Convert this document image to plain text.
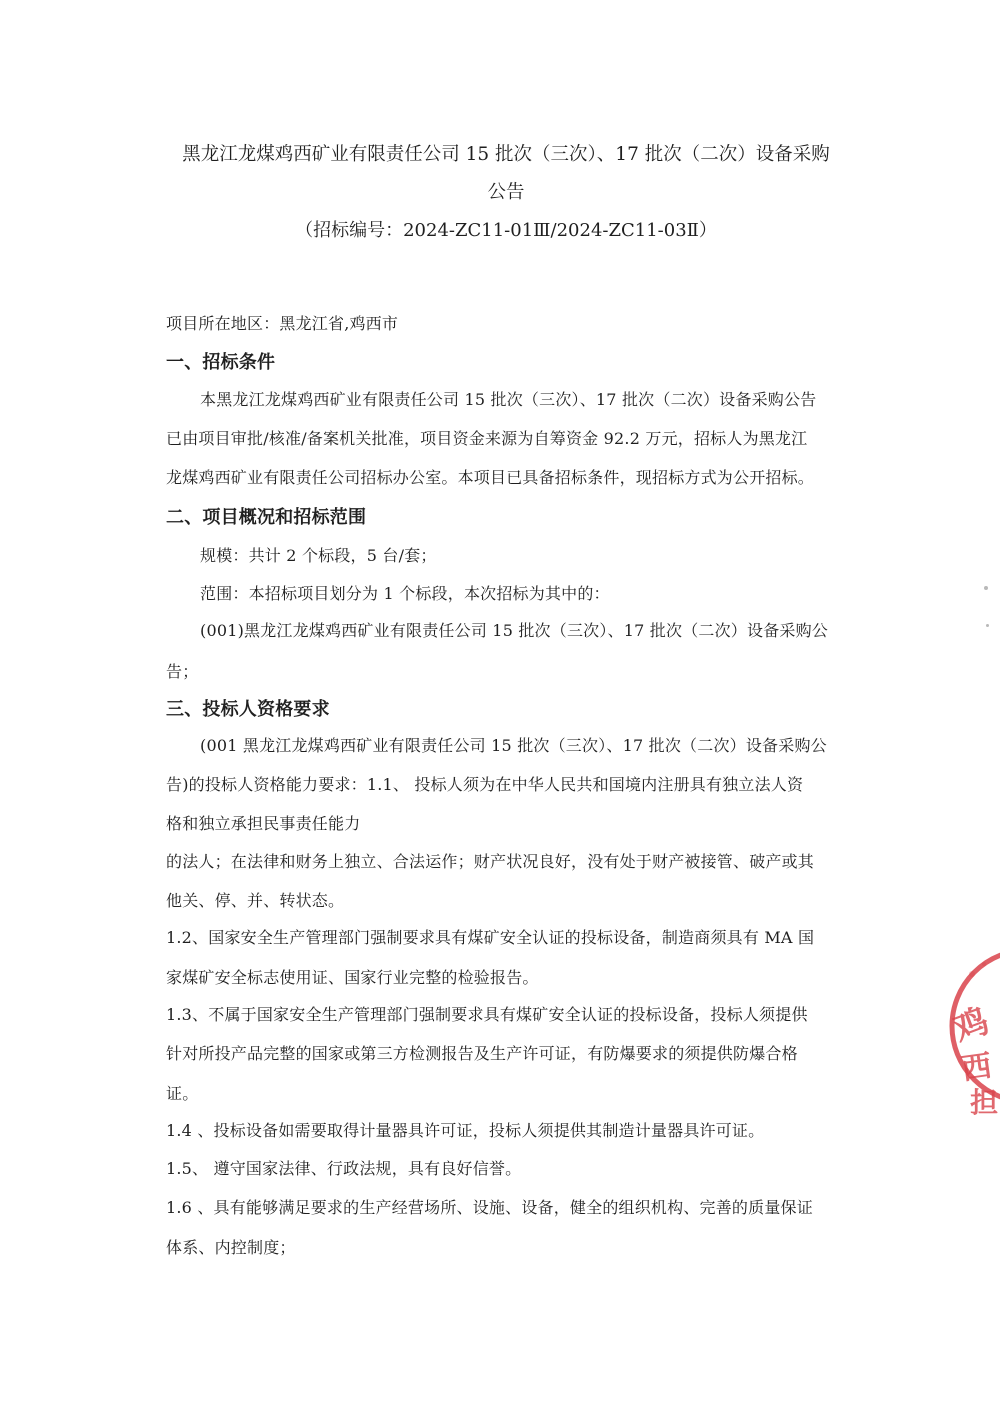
黑龙江龙煤鸡西矿业有限责任公司 15 批次（三次）、17 批次（二次）设备采购

公告

（招标编号：2024-ZC11-01Ⅲ/2024-ZC11-03Ⅱ）

项目所在地区：黑龙江省,鸡西市
一、招标条件
本黑龙江龙煤鸡西矿业有限责任公司 15 批次（三次）、17 批次（二次）设备采购公告
已由项目审批/核准/备案机关批准，项目资金来源为自筹资金 92.2 万元，招标人为黑龙江
龙煤鸡西矿业有限责任公司招标办公室。本项目已具备招标条件，现招标方式为公开招标。
二、项目概况和招标范围
规模：共计 2 个标段，5 台/套；
范围：本招标项目划分为 1 个标段，本次招标为其中的：
(001)黑龙江龙煤鸡西矿业有限责任公司 15 批次（三次）、17 批次（二次）设备采购公
告；
三、投标人资格要求
(001 黑龙江龙煤鸡西矿业有限责任公司 15 批次（三次）、17 批次（二次）设备采购公
告)的投标人资格能力要求：1.1、 投标人须为在中华人民共和国境内注册具有独立法人资
格和独立承担民事责任能力
的法人；在法律和财务上独立、合法运作；财产状况良好，没有处于财产被接管、破产或其
他关、停、并、转状态。
1.2、国家安全生产管理部门强制要求具有煤矿安全认证的投标设备，制造商须具有 MA 国
家煤矿安全标志使用证、国家行业完整的检验报告。
1.3、不属于国家安全生产管理部门强制要求具有煤矿安全认证的投标设备，投标人须提供
针对所投产品完整的国家或第三方检测报告及生产许可证，有防爆要求的须提供防爆合格
证。
1.4 、投标设备如需要取得计量器具许可证，投标人须提供其制造计量器具许可证。
1.5、 遵守国家法律、行政法规，具有良好信誉。
1.6 、具有能够满足要求的生产经营场所、设施、设备，健全的组织机构、完善的质量保证
体系、内控制度；
鸡
西
担
